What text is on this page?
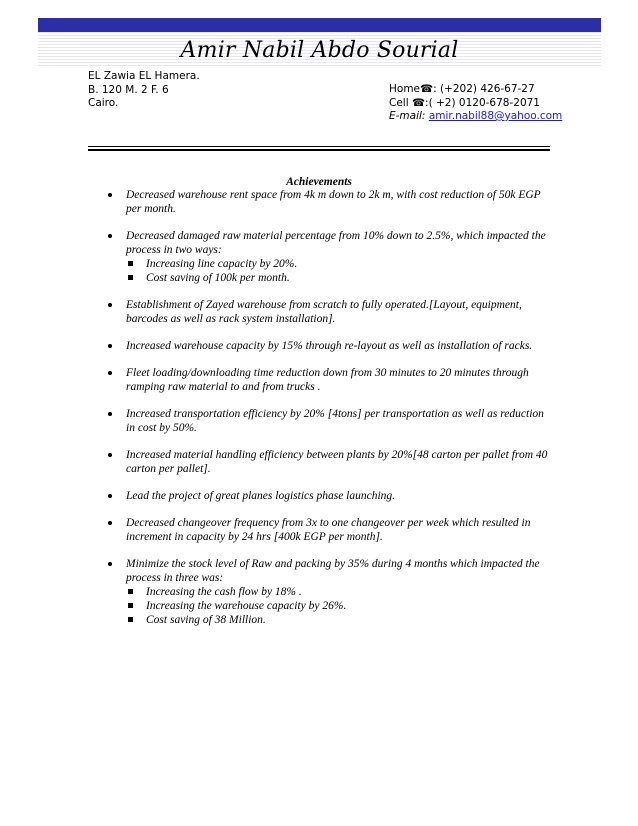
Amir Nabil Abdo Sourial
EL Zawia EL Hamera.
B. 120 M. 2 F. 6
Cairo.
Home☎: (+202) 426-67-27
Cell ☎:( +2) 0120-678-2071
E-mail: amir.nabil88@yahoo.com
Achievements
Decreased warehouse rent space from 4k m down to 2k m, with cost reduction of 50k EGP per month.
Decreased damaged raw material percentage from 10% down to 2.5%, which impacted the process in two ways:
Increasing line capacity by 20%.
Cost saving of 100k per month.
Establishment of Zayed warehouse from scratch to fully operated.[Layout, equipment, barcodes as well as rack system installation].
Increased warehouse capacity by 15% through re-layout as well as installation of racks.
Fleet loading/downloading time reduction down from 30 minutes to 20 minutes through ramping raw material to and from trucks .
Increased transportation efficiency by 20% [4tons] per transportation as well as reduction in cost by 50%.
Increased material handling efficiency between plants by 20%[48 carton per pallet from 40 carton per pallet].
Lead the project of great planes logistics phase launching.
Decreased changeover frequency from 3x to one changeover per week which resulted in increment in capacity by 24 hrs [400k EGP per month].
Minimize the stock level of Raw and packing by 35% during 4 months which impacted the process in three was:
Increasing the cash flow by 18% .
Increasing the warehouse capacity by 26%.
Cost saving of 38 Million.
